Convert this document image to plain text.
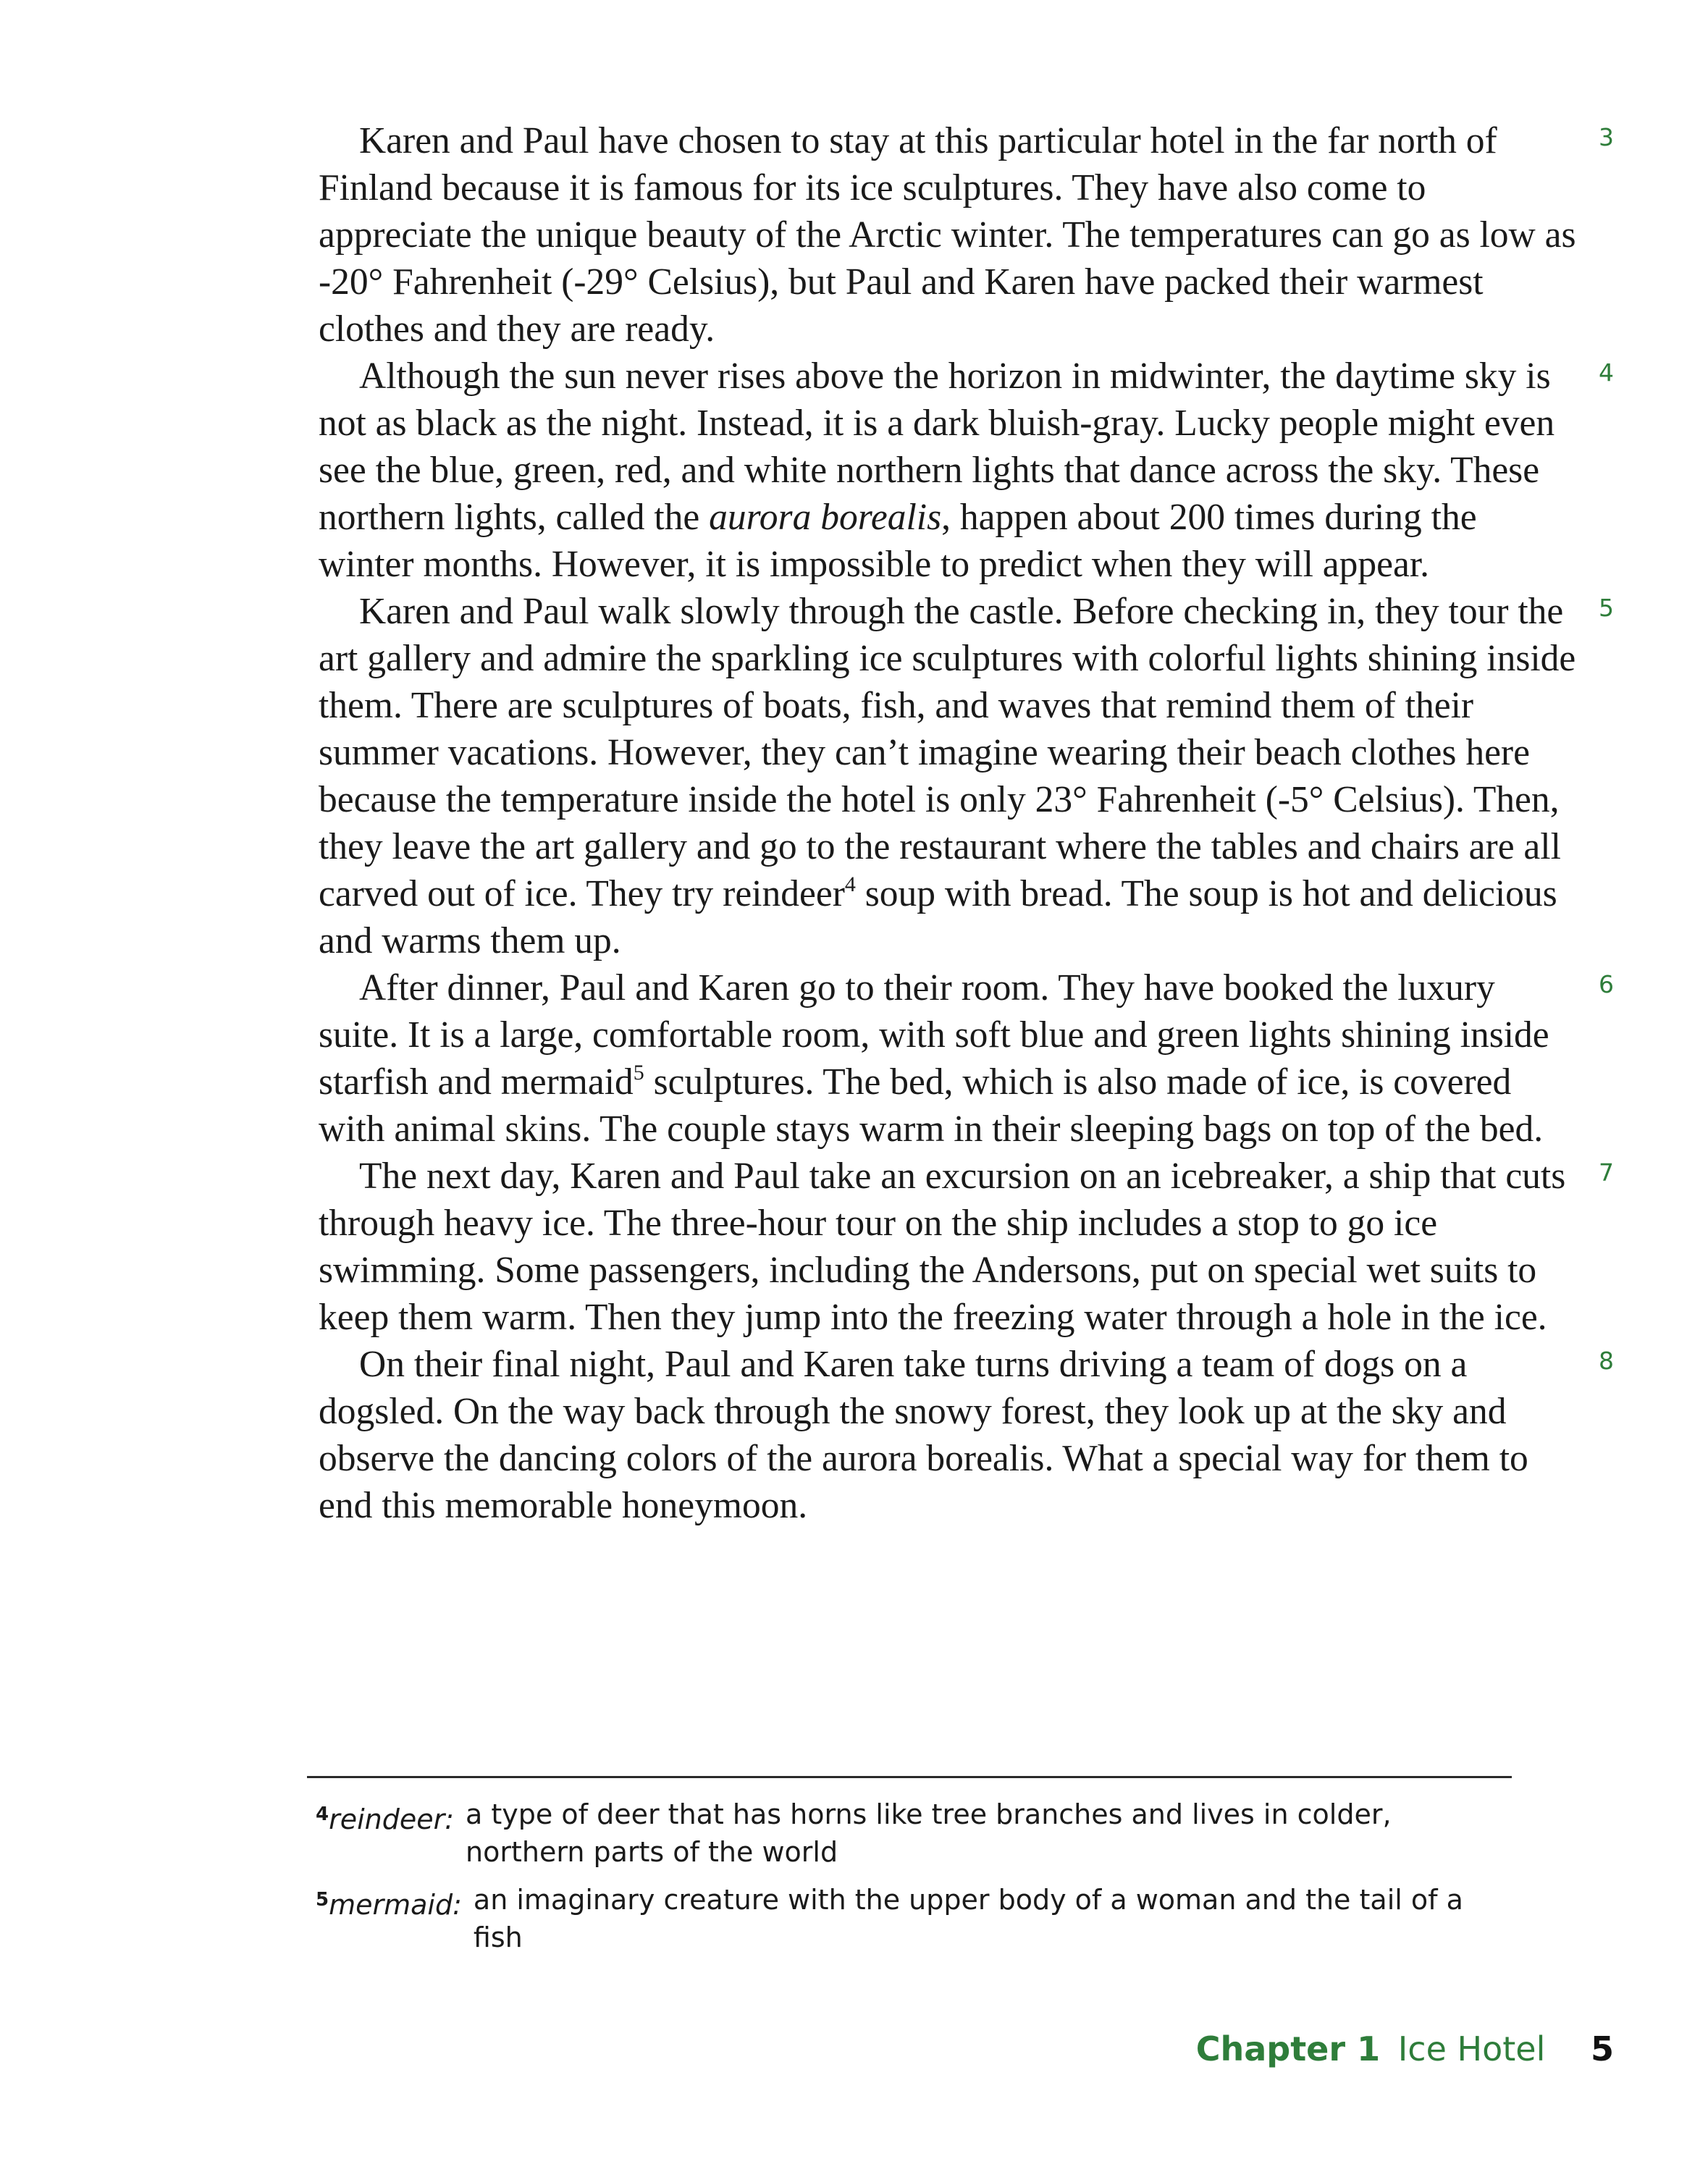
3
Karen and Paul have chosen to stay at this particular hotel in the far north of Finland because it is famous for its ice sculptures. They have also come to appreciate the unique beauty of the Arctic winter. The temperatures can go as low as -20° Fahrenheit (-29° Celsius), but Paul and Karen have packed their warmest clothes and they are ready.

4
Although the sun never rises above the horizon in midwinter, the daytime sky is not as black as the night. Instead, it is a dark bluish-gray. Lucky people might even see the blue, green, red, and white northern lights that dance across the sky. These northern lights, called the aurora borealis, happen about 200 times during the winter months. However, it is impossible to predict when they will appear.

5
Karen and Paul walk slowly through the castle. Before checking in, they tour the art gallery and admire the sparkling ice sculptures with colorful lights shining inside them. There are sculptures of boats, fish, and waves that remind them of their summer vacations. However, they can’t imagine wearing their beach clothes here because the temperature inside the hotel is only 23° Fahrenheit (-5° Celsius). Then, they leave the art gallery and go to the restaurant where the tables and chairs are all carved out of ice. They try reindeer$^4$ soup with bread. The soup is hot and delicious and warms them up.

6
After dinner, Paul and Karen go to their room. They have booked the luxury suite. It is a large, comfortable room, with soft blue and green lights shining inside starfish and mermaid$^5$ sculptures. The bed, which is also made of ice, is covered with animal skins. The couple stays warm in their sleeping bags on top of the bed.

7
The next day, Karen and Paul take an excursion on an icebreaker, a ship that cuts through heavy ice. The three-hour tour on the ship includes a stop to go ice swimming. Some passengers, including the Andersons, put on special wet suits to keep them warm. Then they jump into the freezing water through a hole in the ice.

8
On their final night, Paul and Karen take turns driving a team of dogs on a dogsled. On the way back through the snowy forest, they look up at the sky and observe the dancing colors of the aurora borealis. What a special way for them to end this memorable honeymoon.

$^4$reindeer: a type of deer that has horns like tree branches and lives in colder, northern parts of the world
$^5$mermaid: an imaginary creature with the upper body of a woman and the tail of a fish
Chapter 1 Ice Hotel 5
